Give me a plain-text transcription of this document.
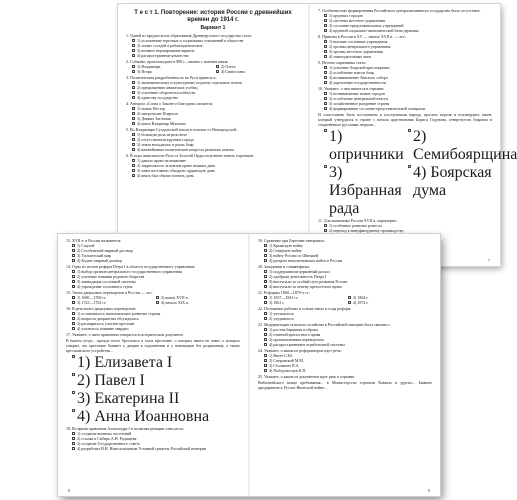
Т е с т 1. Повторение: история России с древнейших времен до 1914 г.
Вариант 1
1. Одной из предпосылок образования Древнерусского государства стало:
1) усложнение торговых и социальных отношений в обществе
2) захват соседей в рабовладельческие
3) военное нормирование варягов
4) распространение язычества
2. Событие, произошедшее в 988 г., связано с именем князя:
1) Владимира	2) Олега
3) Игоря	4) Святослава
3. Политическая раздробленность на Руси привела к:
1) экономическому и культурному подъему отдельных земель
2) прекращению княжеских усобиц
3) усилению обороноспособности
4) единству государства
4. Автором «Слова о Законе и благодати» является:
1) монах Нестор
2) митрополит Иларион
3) Даниил Заточник
4) князь Владимир Мономах
5. Во Владимиро-Суздальской земли в отличие от Новгородской:
1) большую роль играло вече
2) отсутствовали крупные города
3) земля находилась в руках бояр
4) важнейшими политические вопросы решались князем
6. В годы зависимости Руси от Золотой Орды получение земель торговцев:
1) давало право на княжение
2) закреплялось за князем право взимать дань
3) ханы постоянно обходили ордынскую дань
4) князь был обязан платить дань
7. Особенностью формирования Российского централизованного государства было отсутствие:
1) крупных городов
2) системы местного управления
3) сословно-представительных учреждений
4) крупной социально-экономической базы державы
8. Приказы в России в XV — начале XVII в. — это:
1) высшие сословные учреждения
2) органы центрального управления
3) органы местного управления
4) законодательные акты
9. Итогом опричнины стало:
1) усиление боярской аристократии
2) ослабление власти бояр
3) возникновение Земского собора
4) укрепление государственности
10. Укажите, о чем пишется в отрывке:
1) возникновение новых городов
2) ослабление центральной власти
3) хозяйственное разорение страны
4) формирование сословно-представительной монархии
И сопоставить быть послушным и послушными народу, просить короля и подтвердить закон, который утвердился в стране с начала царствования Бориса Годунова, отвергнутого боярами и сохранённого русскими людьми...
1) опричники
2) Семибоярщина
3) Избранная рада
4) Боярская дума
11. Для экономики России XVII в. характерно:
1) особенное развитие ремесла
2) переход к мануфактурному производству
7
13. XVII в. в России называется:
1) Смутой
2) Столбовский мирный договор
3) Тильзитский мир
4) Кодекс мирный договор
14. Одно из итогов реформ Петра I в области государственного управления:
1) выбор органов центрального государственного управления
2) усиление влияния родового боярства
3) ликвидация сословной системы
4) учреждение сословного строя
15. Эпоха дворцовых переворотов в России — это:
1) 1690—1700 гг.	2) конец XVII в.
3) 1725—1762 гг.	4) начало XIX в.
16. В результате дворцовых переворотов:
1) остановилось экономическое развитие страны
2) вопросы дворянства обсуждались
3) расширилось участие крестьян
4) усилилось влияние гвардии
17. Укажите, о чьем правлении говорится в историческом документе.
В нашем уезде... прежде всего бросились в глаза крестьяне, о которых никто не знает, о которых говорят, что крестьяне бывают у дворян в подчинении и у помещиков без разрешения, а также крестьянского устройства...
1) Елизавета I
2) Павел I
3) Екатерина II
4) Анна Иоанновна
18. Во время правления Александра I в политике реакции относится:
1) создание военных поселений
2) ссылка в Сибирь А.Н. Радищева
3) создание Государственного совета
4) разработка Н.Н. Новосильцевым Уставной грамоты Российской империи
8
19. Сражение при Березине завершило:
1) Крымскую войну
2) Северную войну
3) войну России со Швецией
4) разгром наполеоновских войск в России
20. Западники и славянофилы:
1) поддерживали церковный раскол
2) одобряли деятельность Петра I
3) выступали за особый путь развития России
4) выступали за отмену крепостного права
21. Реформы 1860—1870-х гг.:
1) 1837—1841 гг.	2) 1864 г.
3) 1861 г.	4) 1874 г.
22. Положение рабочих в основе начал в годы реформ:
1) улучшилось
2) ухудшилось
23. Модернизация сельского хозяйства в Российской империи была связана с:
1) ростом барщины и оброка
2) отменой крепостного права
3) промышленным переворотом
4) распространением отработочной системы
24. Укажите, о каком из реформаторов идет речь:
1) Витте С.Ю.
2) Сперанский М.М.
3) Столыпин П.А.
4) Победоносцев К.П.
25. Укажите, о каком из документов идет речь в отрывке:
Вибалтийского конца пребывания... в Министерство торговли Кавказа и других... Бывшее предприятие к Русско-Японской войне...
9
